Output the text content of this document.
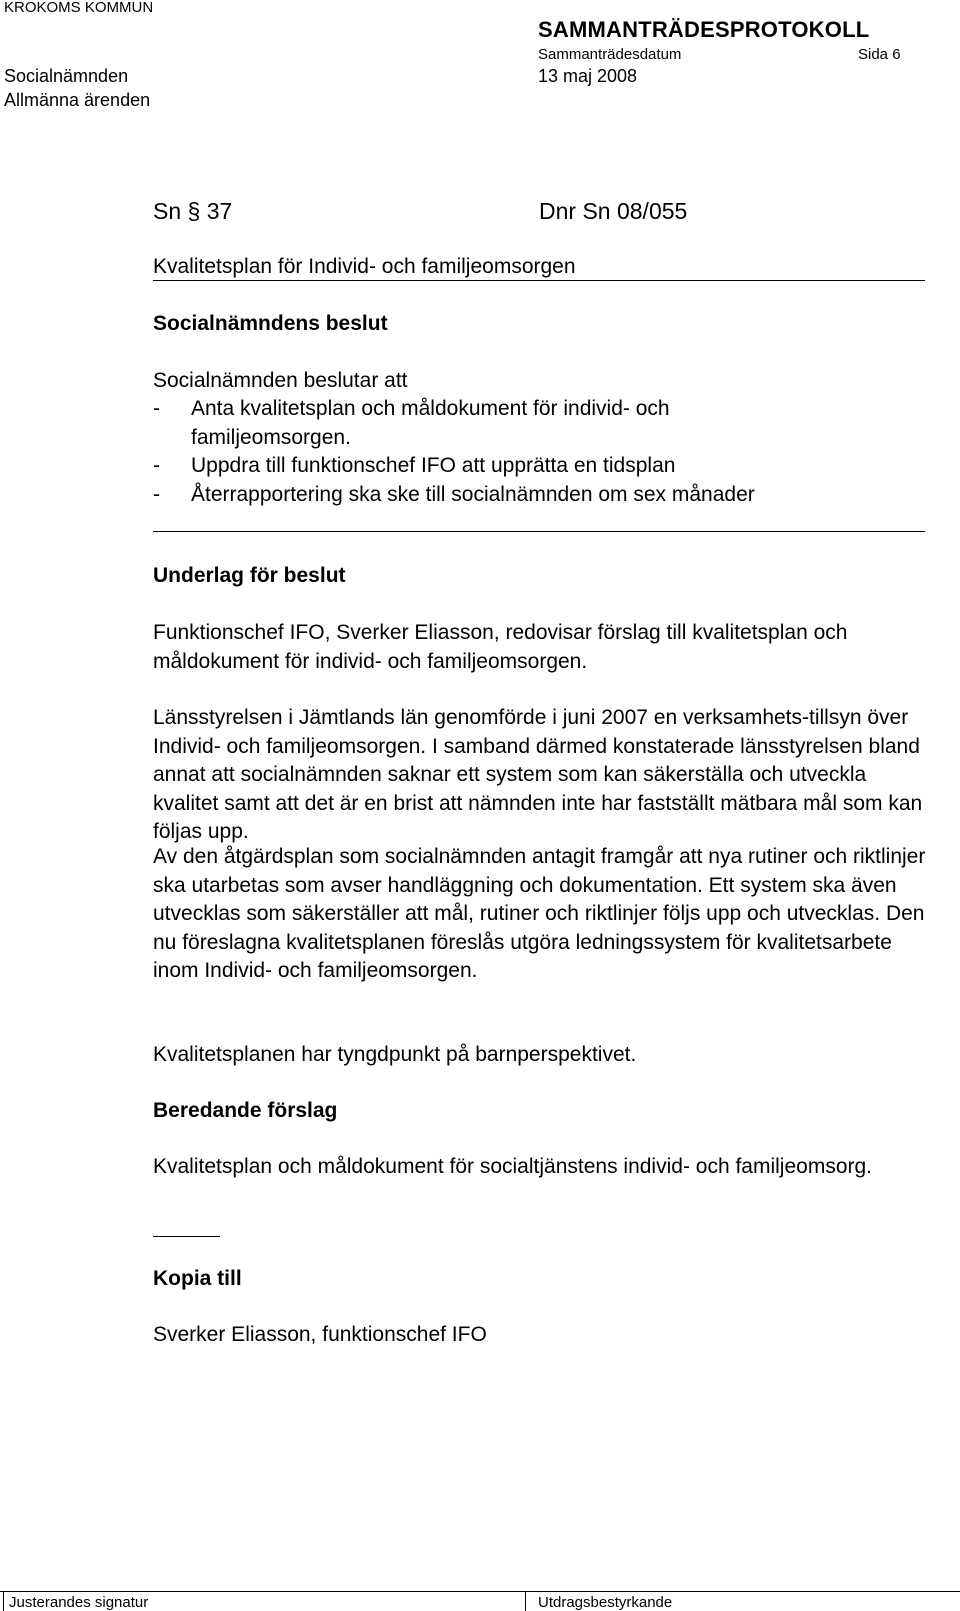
KROKOMS KOMMUN
SAMMANTRÄDESPROTOKOLL
Sammanträdesdatum	Sida 6
Socialnämnden	13 maj 2008
Allmänna ärenden
Sn § 37	Dnr Sn 08/055
Kvalitetsplan för Individ- och familjeomsorgen
Socialnämndens beslut
Socialnämnden beslutar att
-	Anta kvalitetsplan och måldokument för individ- och familjeomsorgen.
-	Uppdra till funktionschef IFO att upprätta en tidsplan
-	Återrapportering ska ske till socialnämnden om sex månader
Underlag för beslut
Funktionschef IFO, Sverker Eliasson, redovisar förslag till kvalitetsplan och måldokument för individ- och familjeomsorgen.
Länsstyrelsen i Jämtlands län genomförde i juni 2007 en verksamhets-tillsyn över Individ- och familjeomsorgen. I samband därmed konstaterade länsstyrelsen bland annat att socialnämnden saknar ett system som kan säkerställa och utveckla kvalitet samt att det är en brist att nämnden inte har fastställt mätbara mål som kan följas upp.
Av den åtgärdsplan som socialnämnden antagit framgår att nya rutiner och riktlinjer ska utarbetas som avser handläggning och dokumentation. Ett system ska även utvecklas som säkerställer att mål, rutiner och riktlinjer följs upp och utvecklas. Den nu föreslagna kvalitetsplanen föreslås utgöra ledningssystem för kvalitetsarbete inom Individ- och familjeomsorgen.
Kvalitetsplanen har tyngdpunkt på barnperspektivet.
Beredande förslag
Kvalitetsplan och måldokument för socialtjänstens individ- och familjeomsorg.
Kopia till
Sverker Eliasson, funktionschef IFO
Justerandes signatur	Utdragsbestyrkande
